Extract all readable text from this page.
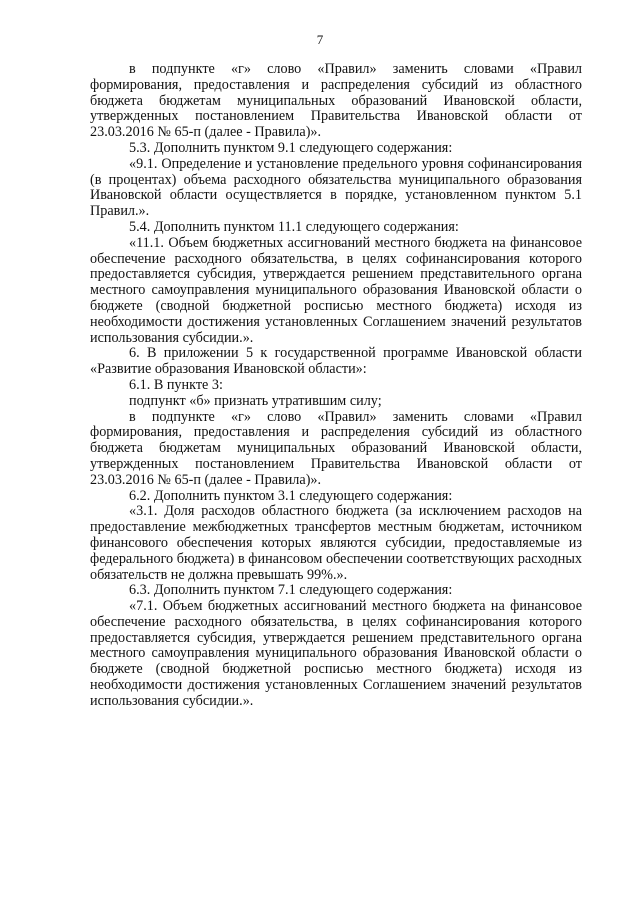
7

в подпункте «г» слово «Правил» заменить словами «Правил формирования, предоставления и распределения субсидий из областного бюджета бюджетам муниципальных образований Ивановской области, утвержденных постановлением Правительства Ивановской области от 23.03.2016 № 65-п (далее - Правила)».

5.3. Дополнить пунктом 9.1 следующего содержания:

«9.1. Определение и установление предельного уровня софинансирования (в процентах) объема расходного обязательства муниципального образования Ивановской области осуществляется в порядке, установленном пунктом 5.1 Правил.».

5.4. Дополнить пунктом 11.1 следующего содержания:

«11.1. Объем бюджетных ассигнований местного бюджета на финансовое обеспечение расходного обязательства, в целях софинансирования которого предоставляется субсидия, утверждается решением представительного органа местного самоуправления муниципального образования Ивановской области о бюджете (сводной бюджетной росписью местного бюджета) исходя из необходимости достижения установленных Соглашением значений результатов использования субсидии.».

6. В приложении 5 к государственной программе Ивановской области «Развитие образования Ивановской области»:

6.1. В пункте 3:

подпункт «б» признать утратившим силу;

в подпункте «г» слово «Правил» заменить словами «Правил формирования, предоставления и распределения субсидий из областного бюджета бюджетам муниципальных образований Ивановской области, утвержденных постановлением Правительства Ивановской области от 23.03.2016 № 65-п (далее - Правила)».

6.2. Дополнить пунктом 3.1 следующего содержания:

«3.1. Доля расходов областного бюджета (за исключением расходов на предоставление межбюджетных трансфертов местным бюджетам, источником финансового обеспечения которых являются субсидии, предоставляемые из федерального бюджета) в финансовом обеспечении соответствующих расходных обязательств не должна превышать 99%.».

6.3. Дополнить пунктом 7.1 следующего содержания:

«7.1. Объем бюджетных ассигнований местного бюджета на финансовое обеспечение расходного обязательства, в целях софинансирования которого предоставляется субсидия, утверждается решением представительного органа местного самоуправления муниципального образования Ивановской области о бюджете (сводной бюджетной росписью местного бюджета) исходя из необходимости достижения установленных Соглашением значений результатов использования субсидии.».
